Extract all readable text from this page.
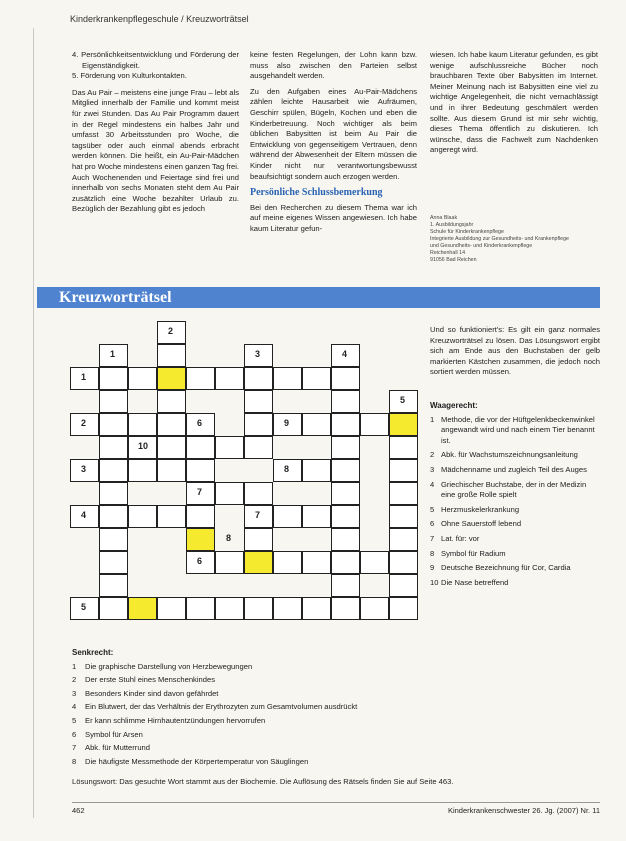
Kinderkrankenpflegeschule / Kreuzworträtsel
4. Persönlichkeitsentwicklung und Förderung der Eigenständigkeit.
5. Förderung von Kulturkontakten.

Das Au Pair – meistens eine junge Frau – lebt als Mitglied innerhalb der Familie und kommt meist für zwei Stunden. Das Au Pair Programm dauert in der Regel mindestens ein halbes Jahr und umfasst 30 Arbeitsstunden pro Woche, die tagsüber oder auch einmal abends erbracht werden können. Die heißt, ein Au-Pair-Mädchen hat pro Woche mindestens einen ganzen Tag frei. Auch Wochenenden und Feiertage sind frei und innerhalb von sechs Monaten steht dem Au Pair zusätzlich eine Woche bezahlter Urlaub zu. Bezüglich der Bezahlung gibt es jedoch

keine festen Regelungen, der Lohn kann bzw. muss also zwischen den Parteien selbst ausgehandelt werden.

Zu den Aufgaben eines Au-Pair-Mädchens zählen leichte Hausarbeit wie Aufräumen, Geschirr spülen, Bügeln, Kochen und eben die Kinderbetreuung. Noch wichtiger als beim üblichen Babysitten ist beim Au Pair die Entwicklung von gegenseitigem Vertrauen, denn während der Abwesenheit der Eltern müssen die Kinder nicht nur verantwortungsbewusst beaufsichtigt sondern auch erzogen werden.

Persönliche Schlussbemerkung

Bei den Recherchen zu diesem Thema war ich auf meine eigenes Wissen angewiesen. Ich habe kaum Literatur gefun-

wiesen. Ich habe kaum Literatur gefunden, es gibt wenige aufschlussreiche Bücher noch brauchbaren Texte über Babysitten im Internet. Meiner Meinung nach ist Babysitten eine viel zu wichtige Angelegenheit, die nicht vernachlässigt und in ihrer Bedeutung geschmälert werden sollte. Aus diesem Grund ist mir sehr wichtig, dieses Thema öffentlich zu diskutieren. Ich wünsche, dass die Fachwelt zum Nachdenken angeregt wird.

Anna Blaak
1. Ausbildungsjahr
Schule für Kinderkrankenpflege
Integrierte Ausbildung zur Gesundheits- und Krankenpflege
und Gesundheits- und Kinderkrankenpflege
Reichenhall 14
91056 Bad Reichen
Kreuzworträtsel
2
1	3	4
1
5
2	6	9
10
3	8
7
4	7
8
6
5
Und so funktioniert's: Es gilt ein ganz normales Kreuzworträtsel zu lösen. Das Lösungswort ergibt sich am Ende aus den Buchstaben der gelb markierten Kästchen zusammen, die jedoch noch sortiert werden müssen.
Waagerecht:
1 Methode, die vor der Hüftgelenkbeckenwinkel angewandt wird und nach einem Tier benannt ist.
2 Abk. für Wachstumszeichnungsanleitung
3 Mädchenname und zugleich Teil des Auges
4 Griechischer Buchstabe, der in der Medizin eine große Rolle spielt
5 Herzmuskelerkrankung
6 Ohne Sauerstoff lebend
7 Lat. für: vor
8 Symbol für Radium
9 Deutsche Bezeichnung für Cor, Cardia
10 Die Nase betreffend
Senkrecht:
1	Die graphische Darstellung von Herzbewegungen
2	Der erste Stuhl eines Menschenkindes
3	Besonders Kinder sind davon gefährdet
4	Ein Blutwert, der das Verhältnis der Erythrozyten zum Gesamtvolumen ausdrückt
5	Er kann schlimme Hirnhautentzündungen hervorrufen
6	Symbol für Arsen
7	Abk. für Mutterrund
8	Die häufigste Messmethode der Körpertemperatur von Säuglingen
Lösungswort: Das gesuchte Wort stammt aus der Biochemie. Die Auflösung des Rätsels finden Sie auf Seite 463.
462	Kinderkrankenschwester 26. Jg. (2007) Nr. 11
